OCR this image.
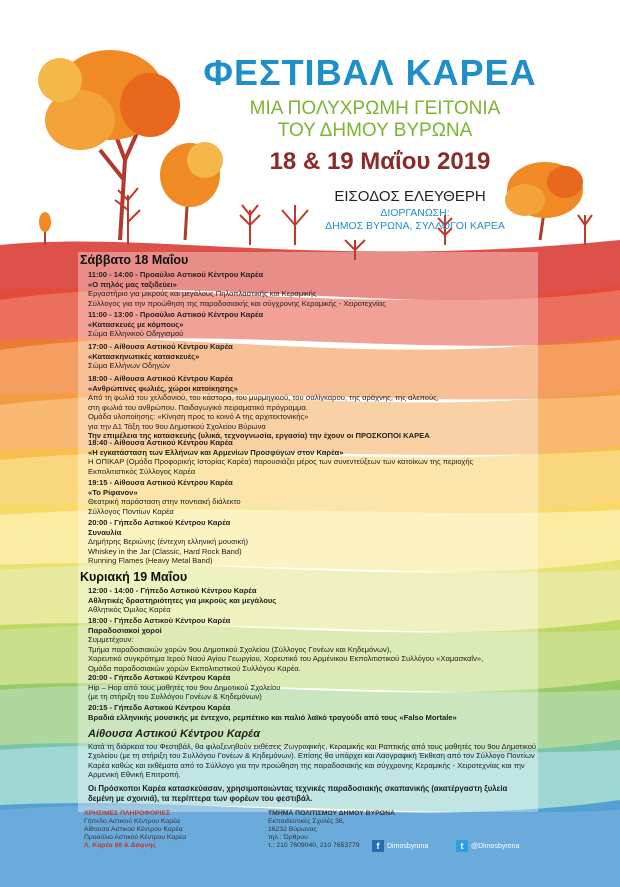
ΦΕΣΤΙΒΑΛ ΚΑΡΕΑ
ΜΙΑ ΠΟΛΥΧΡΩΜΗ ΓΕΙΤΟΝΙΑ
ΤΟΥ ΔΗΜΟΥ ΒΥΡΩΝΑ
18 & 19 Μαΐου 2019
ΕΙΣΟΔΟΣ ΕΛΕΥΘΕΡΗ
ΔΙΟΡΓΑΝΩΣΗ:
ΔΗΜΟΣ ΒΥΡΩΝΑ, ΣΥΛΛΟΓΟΙ ΚΑΡΕΑ
Σάββατο 18 Μαΐου

11:00 - 14:00 - Προαύλιο Αστικού Κέντρου Καρέα

«Ο πηλός μας ταξιδεύει»

Εργαστήριο για μικρούς και μεγάλους Πηλοπλαστικής και Κεραμικής

Σύλλογος για την προώθηση της παραδοσιακής και σύγχρονης Κεραμικής - Χειροτεχνίας

11:00 - 13:00 - Προαύλιο Αστικού Κέντρου Καρέα

«Κατασκευές με κόμπους»

Σώμα Ελληνικού Οδηγισμού

17:00 - Αίθουσα Αστικού Κέντρου Καρέα

«Κατασκηνωτικές κατασκευές»

Σώμα Ελλήνων Οδηγών

18:00 - Αίθουσα Αστικού Κέντρου Καρέα

«Ανθρώπινες φωλιές, χώροι κατοίκησης»

Από τη φωλιά του χελιδονιού, του κάστορα, του μυρμηγκιού, του σαλίγκαρου, της αράχνης, της αλεπούς,

στη φωλιά του ανθρώπου. Παιδαγωγικό πειραματικό πρόγραμμα.

Ομάδα υλοποίησης: «Κίνηση προς το κοινό Α της αρχιτεκτονικής»

για την Δ1 Τάξη του 9ου Δημοτικού Σχολείου Βύρωνα

Την επιμέλεια της κατασκευής (υλικά, τεχνογνωσία, εργασία) την έχουν οι ΠΡΟΣΚΟΠΟΙ ΚΑΡΕΑ

18:40 - Αίθουσα Αστικού Κέντρου Καρέα

«Η εγκατάσταση των Ελλήνων και Αρμενίων Προσφύγων στον Καρέα»

Η ΟΠΙΚΑΡ (Ομάδα Προφορικής Ιστορίας Καρέα) παρουσιάζει μέρος των συνεντεύξεων των κατοίκων της περιοχής

Εκπολιτιστικός Σύλλογος Καρέα

19:15 - Αίθουσα Αστικού Κέντρου Καρέα

«Το Ρίφανον»

Θεατρική παράσταση στην ποντιακή διάλεκτο

Σύλλογος Ποντίων Καρέα

20:00 - Γήπεδο Αστικού Κέντρου Καρέα

Συναυλία

Δημήτρης Βεριώνης (έντεχνη ελληνική μουσική)

Whiskey in the Jar (Classic, Hard Rock Band)

Running Flames (Heavy Metal Band)

Κυριακή 19 Μαΐου

12:00 - 14:00 - Γήπεδο Αστικού Κέντρου Καρέα

Αθλητικές δραστηριότητες για μικρούς και μεγάλους

Αθλητικός Όμιλος Καρέα

18:00 - Γήπεδο Αστικού Κέντρου Καρέα

Παραδοσιακοί χοροί

Συμμετέχουν:

Τμήμα παραδοσιακών χορών 9ου Δημοτικού Σχολείου (Σύλλογος Γονέων και Κηδεμόνων),

Χορευτικό συγκρότημα Ιερού Ναού Αγίου Γεωργίου, Χορευτικό του Αρμένικου Εκπολιτιστικού Συλλόγου «Χαμασκαΐν»,

Ομάδα παραδοσιακών χορών Εκπολιτιστικού Συλλόγου Καρέα.

20:00 - Γήπεδο Αστικού Κέντρου Καρέα

Hip – Hop από τους μαθητές του 9ου Δημοτικού Σχολείου

(με τη στήριξη του Συλλόγου Γονέων & Κηδεμόνων)

20:15 - Γήπεδο Αστικού Κέντρου Καρέα

Βραδιά ελληνικής μουσικής με έντεχνο, ρεμπέτικο και παλιό λαϊκό τραγούδι από τους «Falso Mortale»

Αίθουσα Αστικού Κέντρου Καρέα
Κατά τη διάρκεια του Φεστιβάλ, θα φιλοξενηθούν εκθέσεις Ζωγραφικής, Κεραμικής και Ραπτικής από τους μαθητές του 9ου Δημοτικού Σχολείου (με τη στήριξη του Συλλόγου Γονέων & Κηδεμόνων). Επίσης θα υπάρχει και Λαογραφική Έκθεση από τον Σύλλογο Ποντίων Καρέα καθώς και εκθέματα από το Σύλλογο για την προώθηση της παραδοσιακής και σύγχρονης Κεραμικής - Χειροτεχνίας και την Αρμενική Εθνική Επιτροπή.
Οι Πρόσκοποι Καρέα κατασκεύασαν, χρησιμοποιώντας τεχνικές παραδοσιακής σκαπανικής (ακατέργαστη ξυλεία δεμένη με σχοινιά), τα περίπτερα των φορέων του φεστιβάλ.
ΧΡΗΣΙΜΕΣ ΠΛΗΡΟΦΟΡΙΕΣ
Γήπεδο Αστικού Κέντρου Καρέα
Αίθουσα Αστικού Κέντρου Καρέα
Προαύλιο Αστικού Κέντρου Καρέα
Λ. Καρέα 86 & Δάφνης
ΤΜΗΜΑ ΠΟΛΙΤΙΣΜΟΥ ΔΗΜΟΥ ΒΥΡΩΝΑ
Εκπαιδευτικές Σχολές 36,
16232 Βύρωνας
τηλ.: Όρθρου
τ.: 210 7609040, 210 7653779	f	Dimosbyrona	t	@Dimosbyrona
